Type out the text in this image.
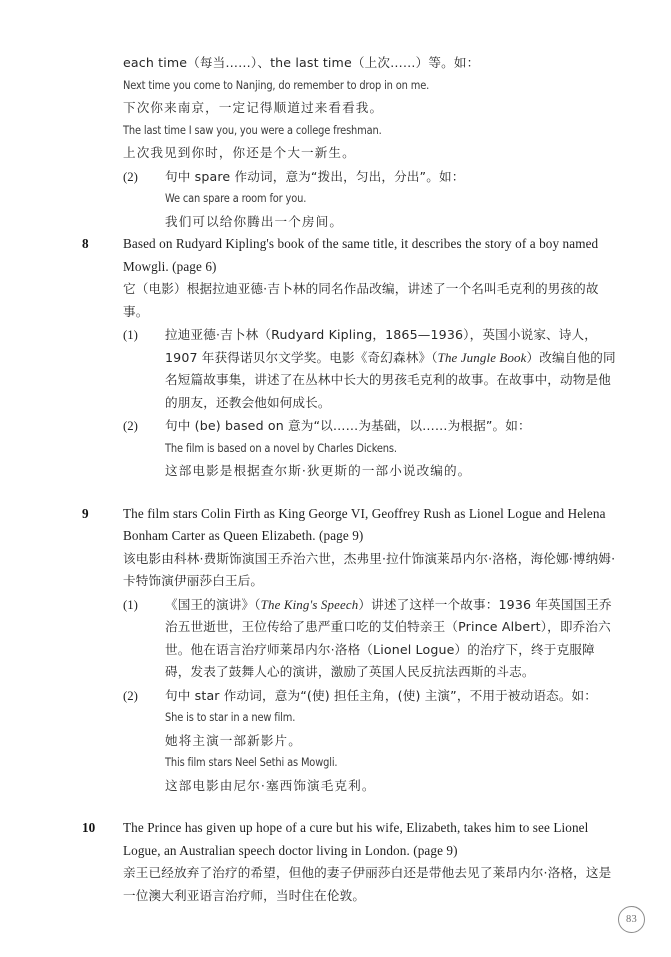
each time（每当……）、the last time（上次……）等。如：
Next time you come to Nanjing, do remember to drop in on me.
下次你来南京，一定记得顺道过来看看我。
The last time I saw you, you were a college freshman.
上次我见到你时，你还是个大一新生。
(2)	句中 spare 作动词，意为“拨出，匀出，分出”。如：
We can spare a room for you.
我们可以给你腾出一个房间。
8	Based on Rudyard Kipling's book of the same title, it describes the story of a boy named Mowgli. (page 6)
它（电影）根据拉迪亚德·吉卜林的同名作品改编，讲述了一个名叫毛克利的男孩的故事。
(1)	拉迪亚德·吉卜林（Rudyard Kipling，1865—1936），英国小说家、诗人，1907 年获得诺贝尔文学奖。电影《奇幻森林》（The Jungle Book）改编自他的同名短篇故事集，讲述了在丛林中长大的男孩毛克利的故事。在故事中，动物是他的朋友，还教会他如何成长。
(2)	句中 (be) based on 意为“以……为基础，以……为根据”。如：
The film is based on a novel by Charles Dickens.
这部电影是根据查尔斯·狄更斯的一部小说改编的。
9	The film stars Colin Firth as King George VI, Geoffrey Rush as Lionel Logue and Helena Bonham Carter as Queen Elizabeth. (page 9)
该电影由科林·费斯饰演国王乔治六世，杰弗里·拉什饰演莱昂内尔·洛格，海伦娜·博纳姆·卡特饰演伊丽莎白王后。
(1)	《国王的演讲》（The King's Speech）讲述了这样一个故事：1936 年英国国王乔治五世逝世，王位传给了患严重口吃的艾伯特亲王（Prince Albert），即乔治六世。他在语言治疗师莱昂内尔·洛格（Lionel Logue）的治疗下，终于克服障碍，发表了鼓舞人心的演讲，激励了英国人民反抗法西斯的斗志。
(2)	句中 star 作动词，意为“(使) 担任主角，(使) 主演”，不用于被动语态。如：
She is to star in a new film.
她将主演一部新影片。
This film stars Neel Sethi as Mowgli.
这部电影由尼尔·塞西饰演毛克利。
10	The Prince has given up hope of a cure but his wife, Elizabeth, takes him to see Lionel Logue, an Australian speech doctor living in London. (page 9)
亲王已经放弃了治疗的希望，但他的妻子伊丽莎白还是带他去见了莱昂内尔·洛格，这是一位澳大利亚语言治疗师，当时住在伦敦。
83
